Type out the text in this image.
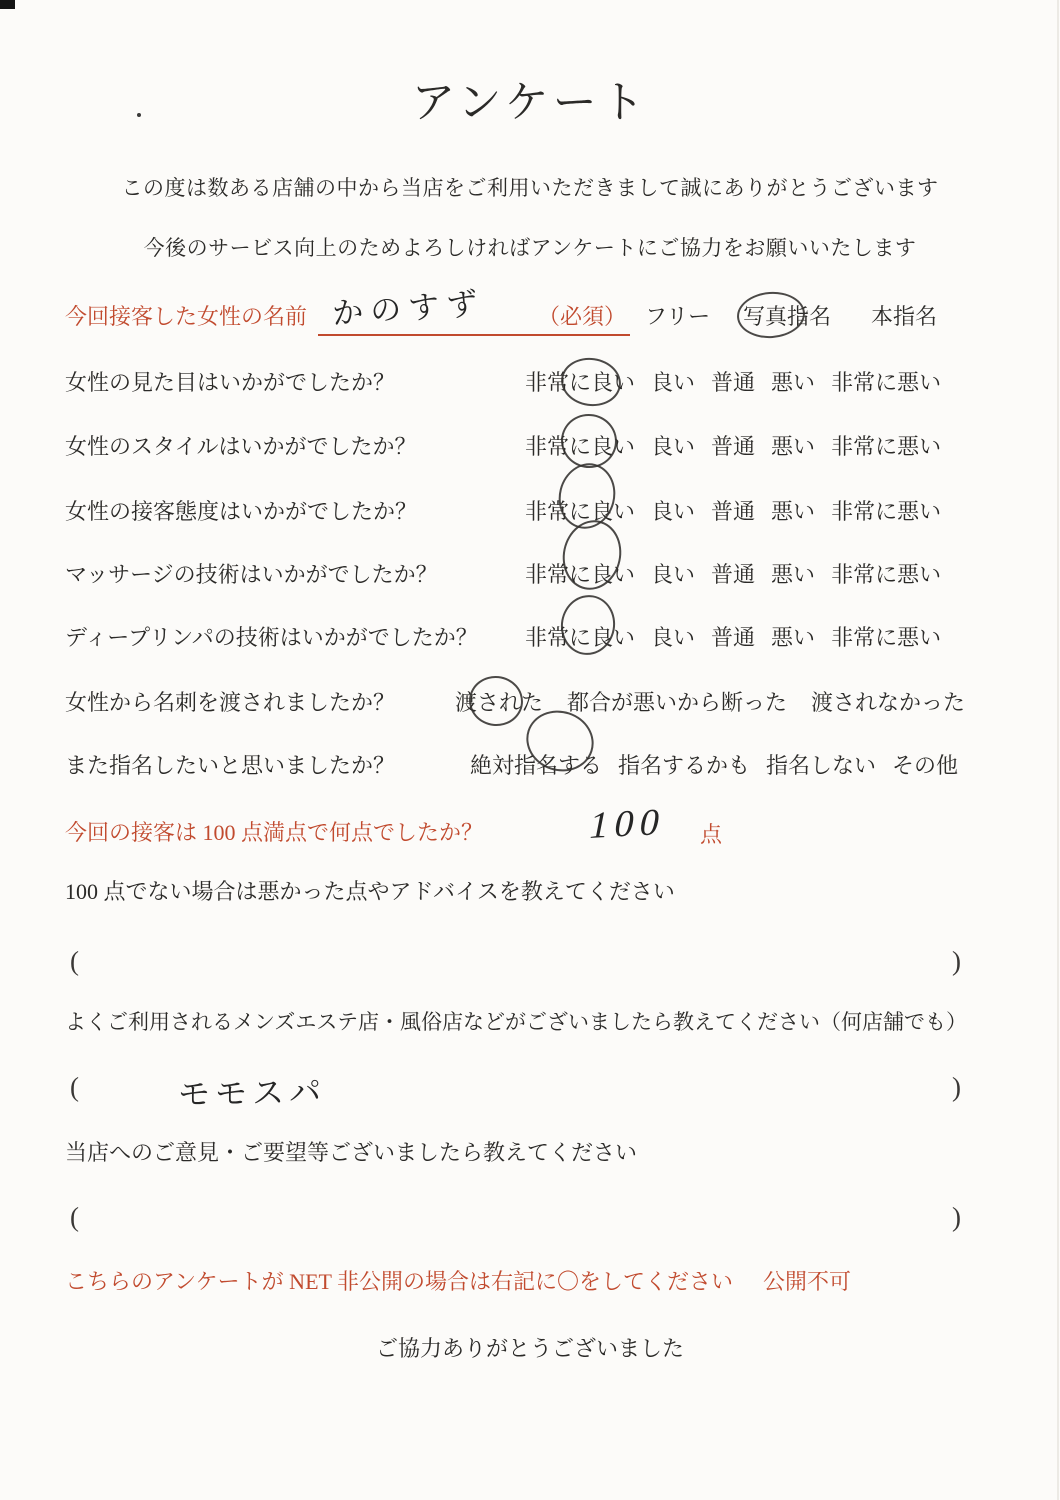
アンケート

この度は数ある店舗の中から当店をご利用いただきまして誠にありがとうございます

今後のサービス向上のためよろしければアンケートにご協力をお願いいたします

今回接客した女性の名前 かのすず （必須） フリー 写真指名 本指名
女性の見た目はいかがでしたか？	非常に良い 良い 普通 悪い 非常に悪い
女性のスタイルはいかがでしたか？	非常に良い 良い 普通 悪い 非常に悪い
女性の接客態度はいかがでしたか？	非常に良い 良い 普通 悪い 非常に悪い
マッサージの技術はいかがでしたか？	非常に良い 良い 普通 悪い 非常に悪い
ディープリンパの技術はいかがでしたか？ 非常に良い 良い 普通 悪い 非常に悪い
女性から名刺を渡されましたか？	渡された 都合が悪いから断った 渡されなかった
また指名したいと思いましたか？	絶対指名する 指名するかも 指名しない その他
今回の接客は 100 点満点で何点でしたか？	100 点
100 点でない場合は悪かった点やアドバイスを教えてください
(	)
よくご利用されるメンズエステ店・風俗店などがございましたら教えてください（何店舗でも）
(	モモスパ	)
当店へのご意見・ご要望等ございましたら教えてください
(	)
こちらのアンケートが NET 非公開の場合は右記に〇をしてください 公開不可

ご協力ありがとうございました
